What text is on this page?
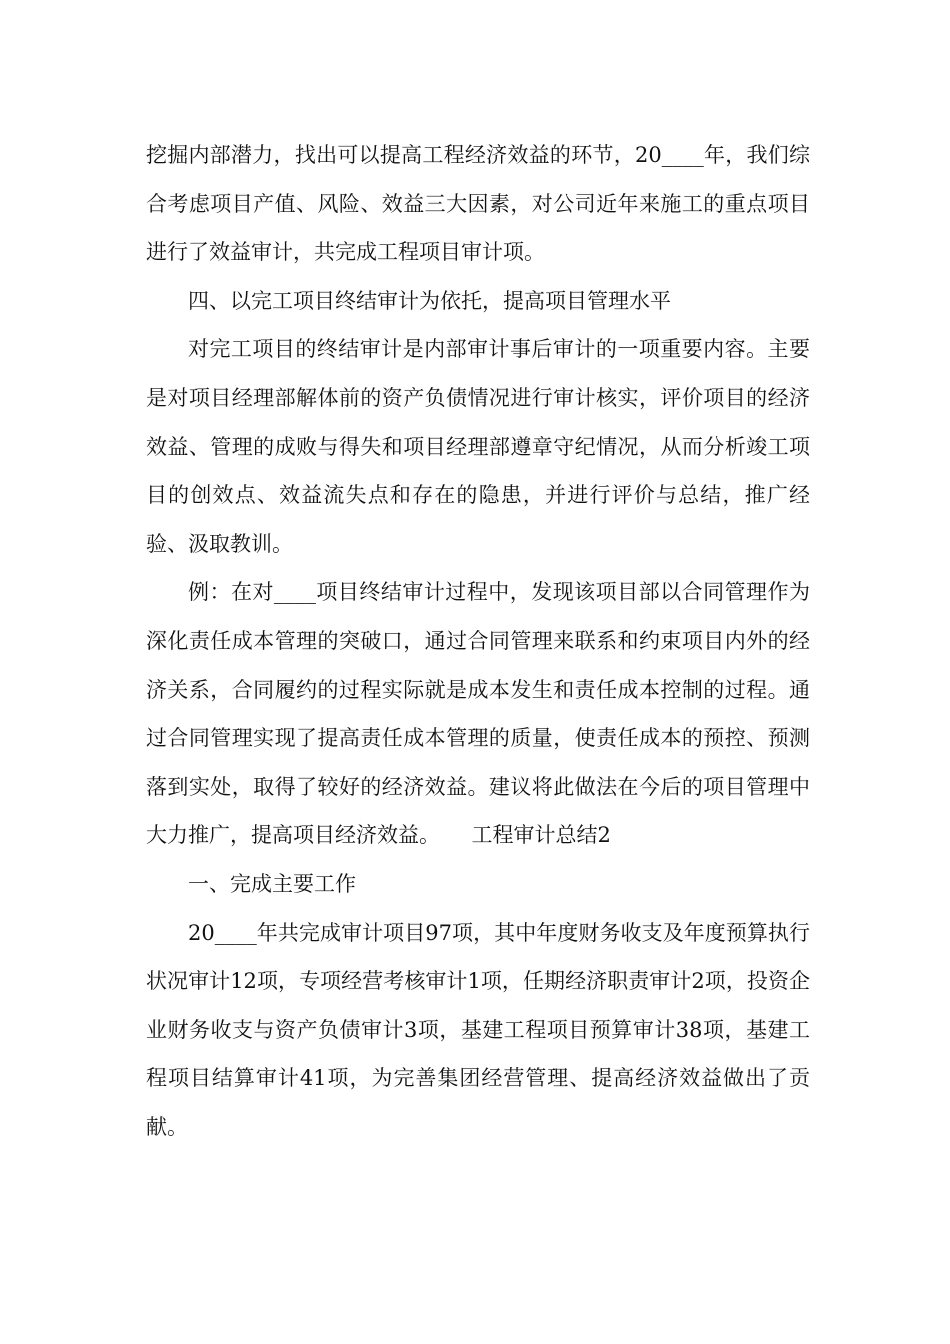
挖掘内部潜力，找出可以提高工程经济效益的环节，20____年，我们综合考虑项目产值、风险、效益三大因素，对公司近年来施工的重点项目进行了效益审计，共完成工程项目审计项。

四、以完工项目终结审计为依托，提高项目管理水平

对完工项目的终结审计是内部审计事后审计的一项重要内容。主要是对项目经理部解体前的资产负债情况进行审计核实，评价项目的经济效益、管理的成败与得失和项目经理部遵章守纪情况，从而分析竣工项目的创效点、效益流失点和存在的隐患，并进行评价与总结，推广经验、汲取教训。

例：在对____项目终结审计过程中，发现该项目部以合同管理作为深化责任成本管理的突破口，通过合同管理来联系和约束项目内外的经济关系，合同履约的过程实际就是成本发生和责任成本控制的过程。通过合同管理实现了提高责任成本管理的质量，使责任成本的预控、预测落到实处，取得了较好的经济效益。建议将此做法在今后的项目管理中大力推广，提高项目经济效益。　　工程审计总结2

一、完成主要工作

20____年共完成审计项目97项，其中年度财务收支及年度预算执行状况审计12项，专项经营考核审计1项，任期经济职责审计2项，投资企业财务收支与资产负债审计3项，基建工程项目预算审计38项，基建工程项目结算审计41项，为完善集团经营管理、提高经济效益做出了贡献。
